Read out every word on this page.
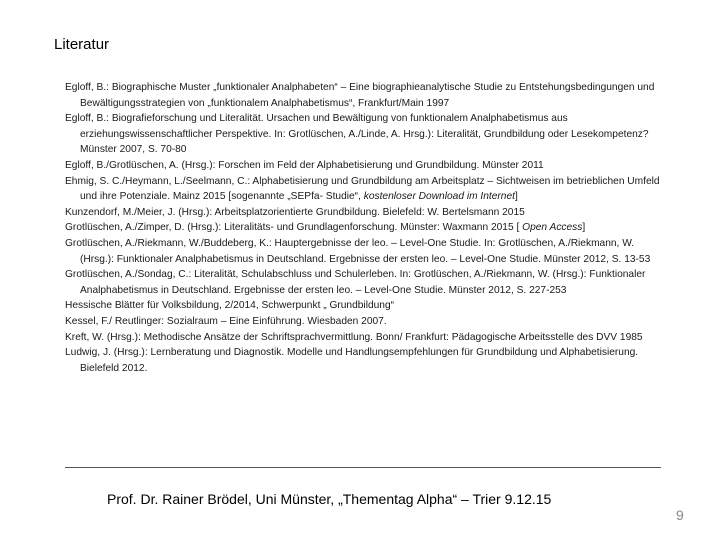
Literatur
Egloff, B.: Biographische Muster „funktionaler Analphabeten“ – Eine biographieanalytische Studie zu Entstehungsbedingungen und Bewältigungsstrategien von „funktionalem Analphabetismus“, Frankfurt/Main 1997
Egloff, B.: Biografieforschung und Literalität. Ursachen und Bewältigung von funktionalem Analphabetismus aus erziehungswissenschaftlicher Perspektive. In: Grotlüschen, A./Linde, A. Hrsg.): Literalität, Grundbildung oder Lesekompetenz? Münster 2007, S. 70-80
Egloff, B./Grotlüschen, A. (Hrsg.): Forschen im Feld der Alphabetisierung und Grundbildung. Münster 2011
Ehmig, S. C./Heymann, L./Seelmann, C.: Alphabetisierung und Grundbildung am Arbeitsplatz – Sichtweisen im betrieblichen Umfeld und ihre Potenziale. Mainz 2015 [sogenannte „SEPfa- Studie“, kostenloser Download im Internet]
Kunzendorf, M./Meier, J. (Hrsg.): Arbeitsplatzorientierte Grundbildung. Bielefeld: W. Bertelsmann 2015
Grotlüschen, A./Zimper, D. (Hrsg.): Literalitäts- und Grundlagenforschung. Münster: Waxmann 2015 [ Open Access]
Grotlüschen, A./Riekmann, W./Buddeberg, K.: Hauptergebnisse der leo. – Level-One Studie. In: Grotlüschen, A./Riekmann, W. (Hrsg.): Funktionaler Analphabetismus in Deutschland. Ergebnisse der ersten leo. – Level-One Studie. Münster 2012, S. 13-53
Grotlüschen, A./Sondag, C.: Literalität, Schulabschluss und Schulerleben. In: Grotlüschen, A./Riekmann, W. (Hrsg.): Funktionaler Analphabetismus in Deutschland. Ergebnisse der ersten leo. – Level-One Studie. Münster 2012, S. 227-253
Hessische Blätter für Volksbildung, 2/2014, Schwerpunkt „ Grundbildung“
Kessel, F./ Reutlinger: Sozialraum – Eine Einführung. Wiesbaden 2007.
Kreft, W. (Hrsg.): Methodische Ansätze der Schriftsprachvermittlung. Bonn/ Frankfurt: Pädagogische Arbeitsstelle des DVV 1985
Ludwig, J. (Hrsg.): Lernberatung und Diagnostik. Modelle und Handlungsempfehlungen für Grundbildung und Alphabetisierung. Bielefeld 2012.
Prof. Dr. Rainer Brödel, Uni Münster, „Thementag Alpha“ – Trier 9.12.15
9
